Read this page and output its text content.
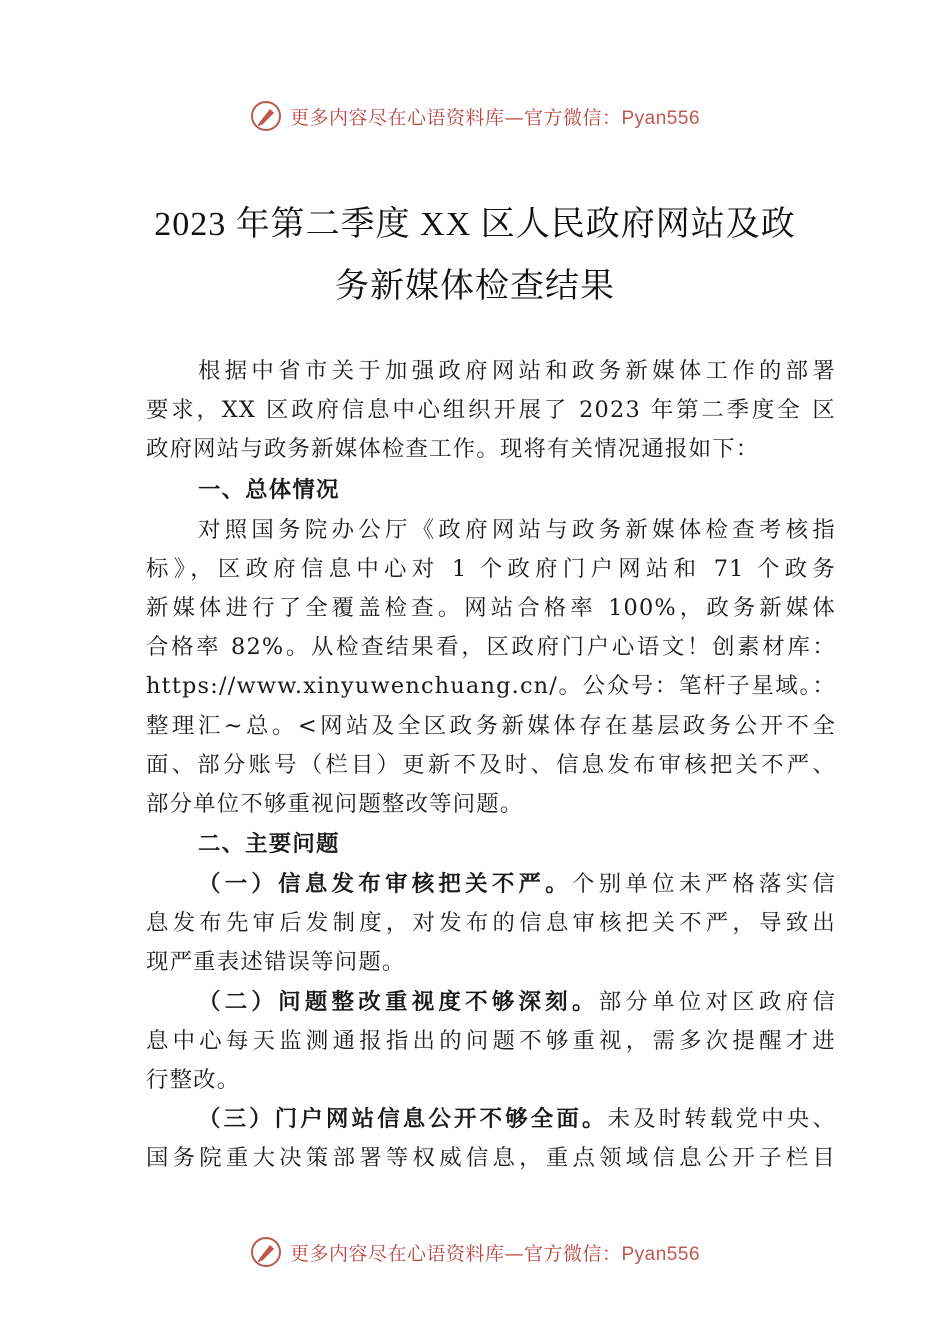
更多内容尽在心语资料库—官方微信：Pyan556
2023 年第二季度 XX 区人民政府网站及政
务新媒体检查结果
根据中省市关于加强政府网站和政务新媒体工作的部署
要求，XX 区政府信息中心组织开展了 2023 年第二季度全 区
政府网站与政务新媒体检查工作。现将有关情况通报如下：
一、总体情况
对照国务院办公厅《政府网站与政务新媒体检查考核指
标》，区政府信息中心对 1 个政府门户网站和 71 个政务
新媒体进行了全覆盖检查。网站合格率 100%，政务新媒体
合格率 82%。从检查结果看，区政府门户心语文！创素材库：
https://www.xinyuwenchuang.cn/。公众号：笔杆子星域。：
整理汇~总。<网站及全区政务新媒体存在基层政务公开不全
面、部分账号（栏目）更新不及时、信息发布审核把关不严、
部分单位不够重视问题整改等问题。
二、主要问题
（一）信息发布审核把关不严。个别单位未严格落实信
息发布先审后发制度，对发布的信息审核把关不严，导致出
现严重表述错误等问题。
（二）问题整改重视度不够深刻。部分单位对区政府信
息中心每天监测通报指出的问题不够重视，需多次提醒才进
行整改。
（三）门户网站信息公开不够全面。未及时转载党中央、
国务院重大决策部署等权威信息，重点领域信息公开子栏目
更多内容尽在心语资料库—官方微信：Pyan556
